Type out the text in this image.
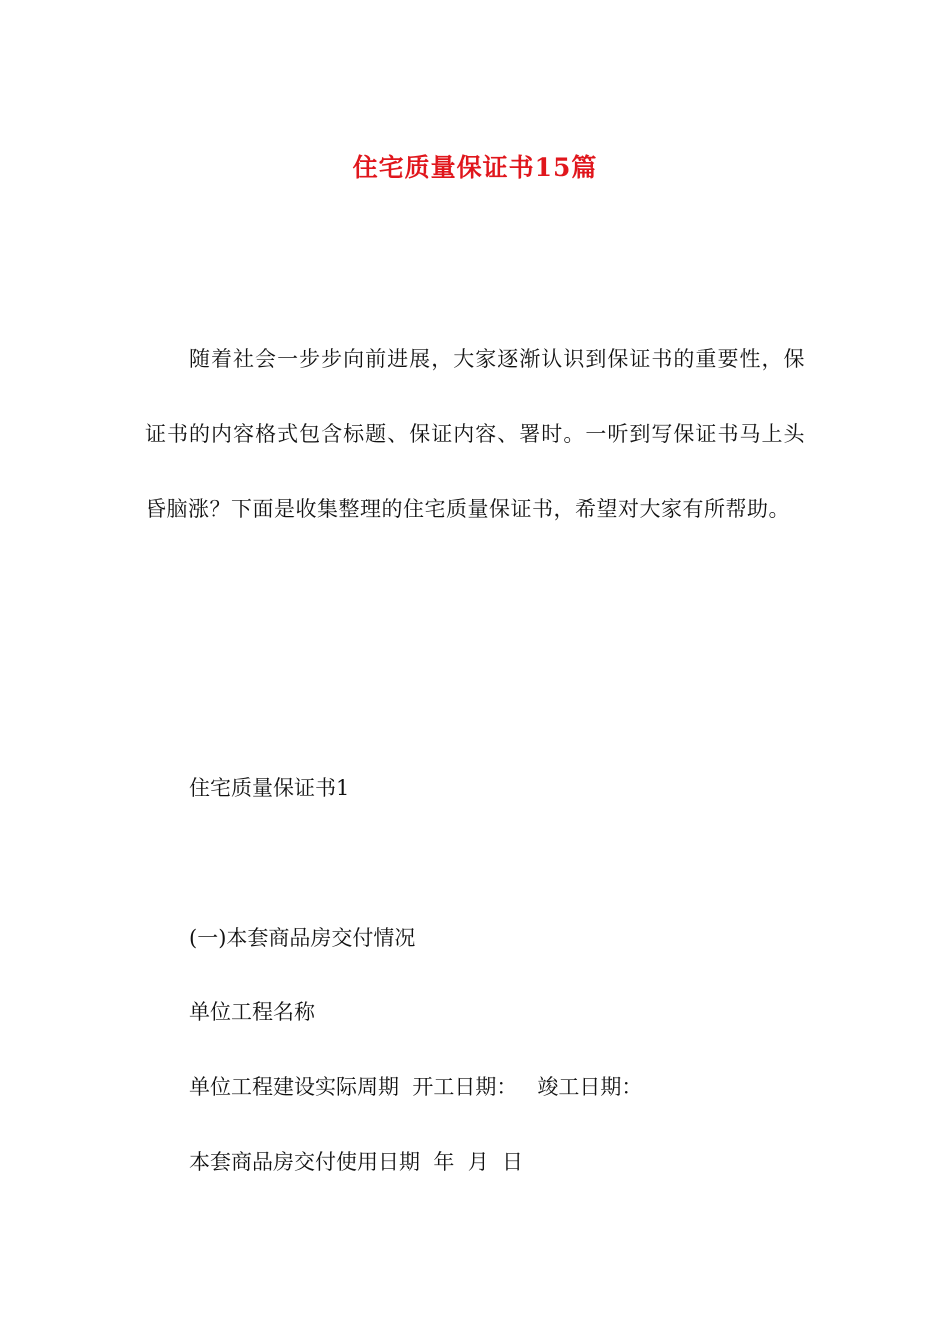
住宅质量保证书15篇

随着社会一步步向前进展，大家逐渐认识到保证书的重要性，保证书的内容格式包含标题、保证内容、署时。一听到写保证书马上头昏脑涨？下面是收集整理的住宅质量保证书，希望对大家有所帮助。

住宅质量保证书1

(一)本套商品房交付情况

单位工程名称

单位工程建设实际周期  开工日期：   竣工日期：

本套商品房交付使用日期  年  月  日
